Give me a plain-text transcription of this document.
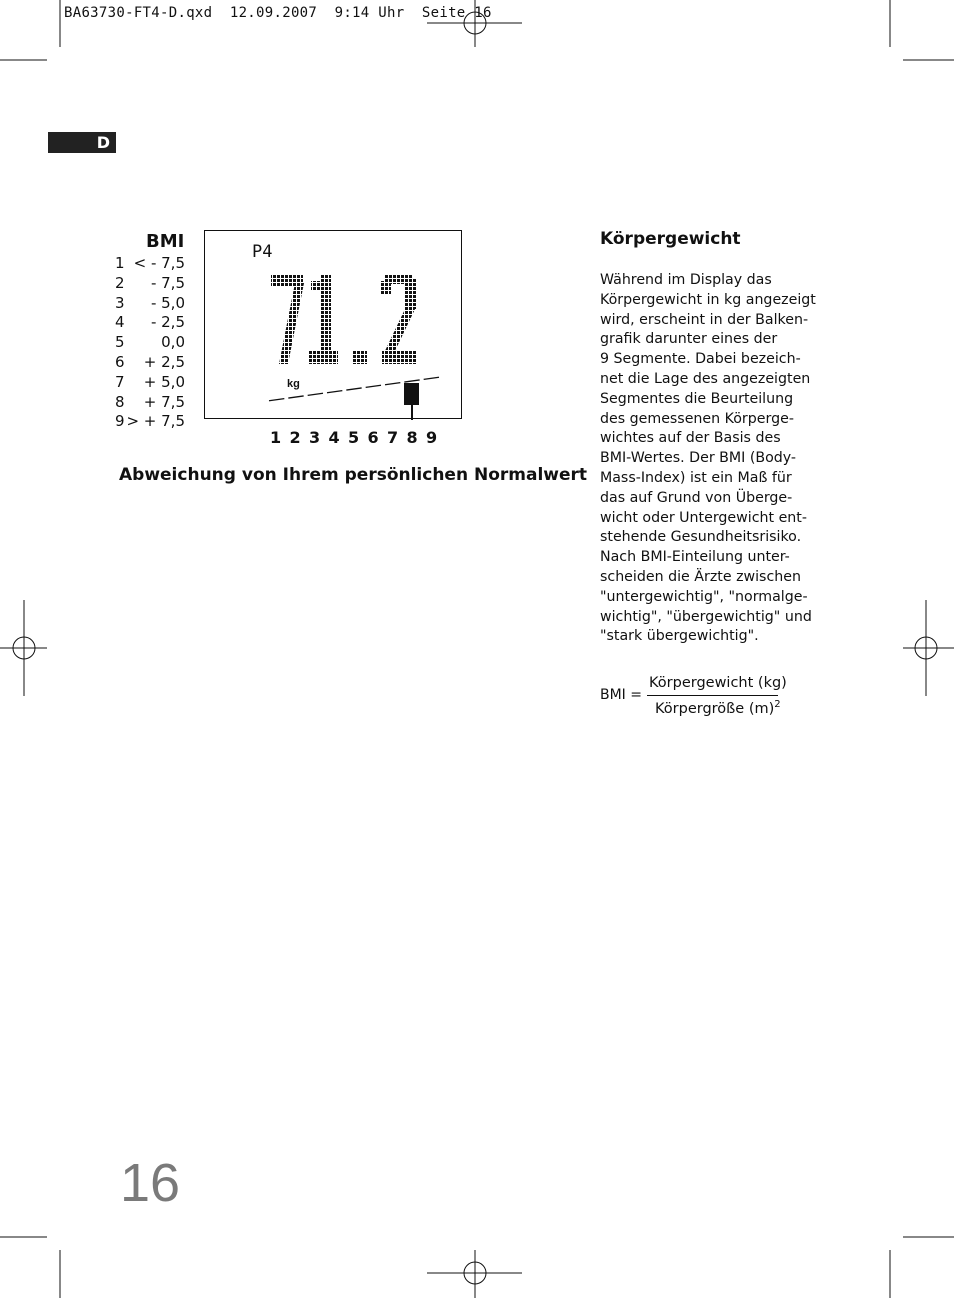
BA63730-FT4-D.qxd  12.09.2007  9:14 Uhr  Seite 16
D
BMI
1 < - 7,5
2 - 7,5
3 - 5,0
4 - 2,5
5 0,0
6 + 2,5
7 + 5,0
8 + 7,5
9 > + 7,5
P4
kg
1 2 3 4 5 6 7 8 9
Abweichung von Ihrem persönlichen Normalwert
Körpergewicht
Während im Display das
Körpergewicht in kg angezeigt
wird, erscheint in der Balken-
grafik darunter eines der
9 Segmente. Dabei bezeich-
net die Lage des angezeigten
Segmentes die Beurteilung
des gemessenen Körperge-
wichtes auf der Basis des
BMI-Wertes. Der BMI (Body-
Mass-Index) ist ein Maß für
das auf Grund von Überge-
wicht oder Untergewicht ent-
stehende Gesundheitsrisiko.
Nach BMI-Einteilung unter-
scheiden die Ärzte zwischen
"untergewichtig", "normalge-
wichtig", "übergewichtig" und
"stark übergewichtig".
BMI =
Körpergewicht (kg)
Körpergröße $(m)^2$
16
